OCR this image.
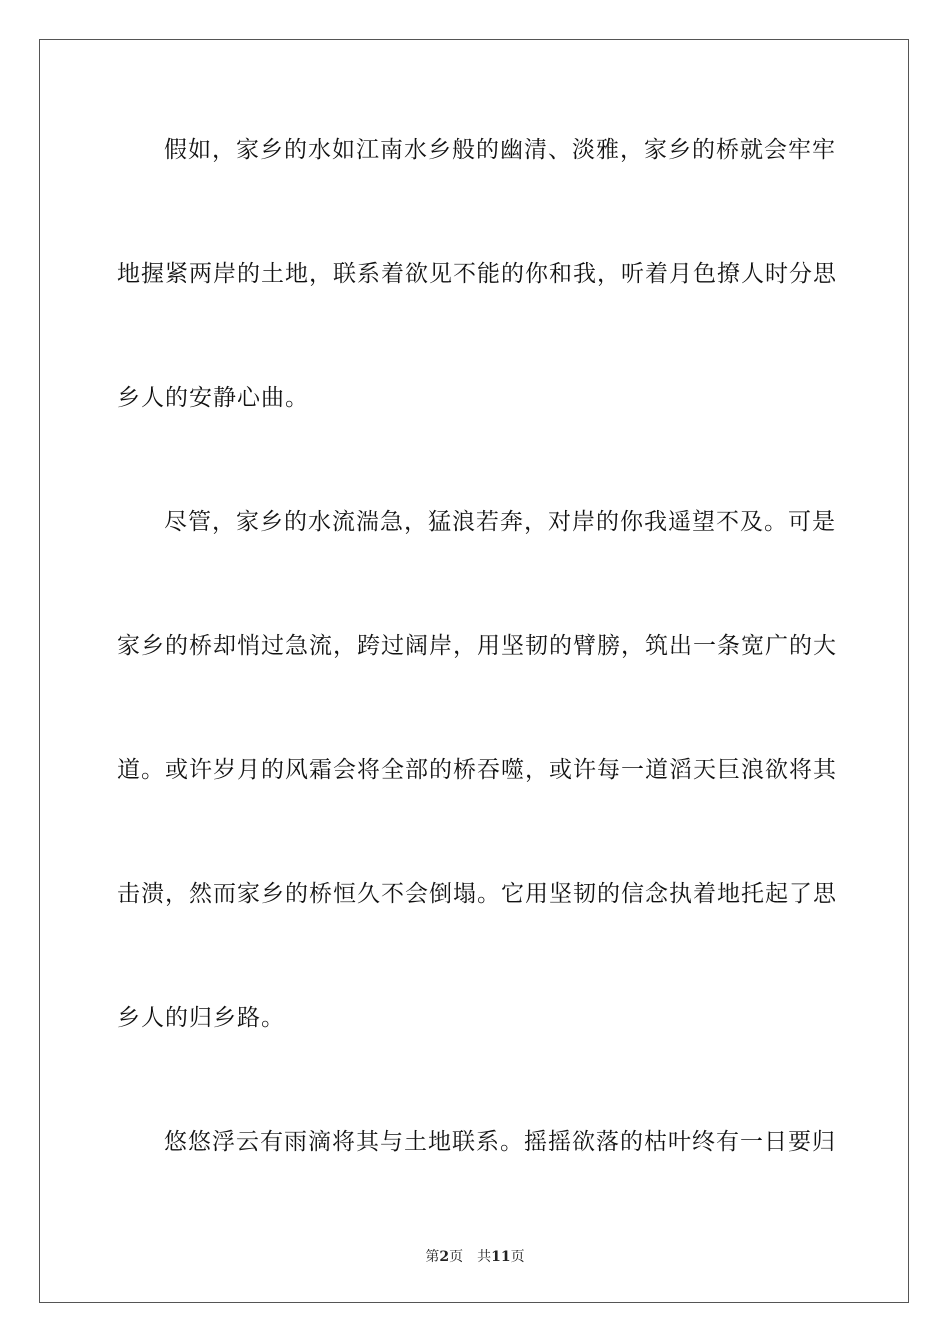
假如，家乡的水如江南水乡般的幽清、淡雅，家乡的桥就会牢牢
地握紧两岸的土地，联系着欲见不能的你和我，听着月色撩人时分思
乡人的安静心曲。
尽管，家乡的水流湍急，猛浪若奔，对岸的你我遥望不及。可是
家乡的桥却悄过急流，跨过阔岸，用坚韧的臂膀，筑出一条宽广的大
道。或许岁月的风霜会将全部的桥吞噬，或许每一道滔天巨浪欲将其
击溃，然而家乡的桥恒久不会倒塌。它用坚韧的信念执着地托起了思
乡人的归乡路。
悠悠浮云有雨滴将其与土地联系。摇摇欲落的枯叶终有一日要归
第2页 共11页
